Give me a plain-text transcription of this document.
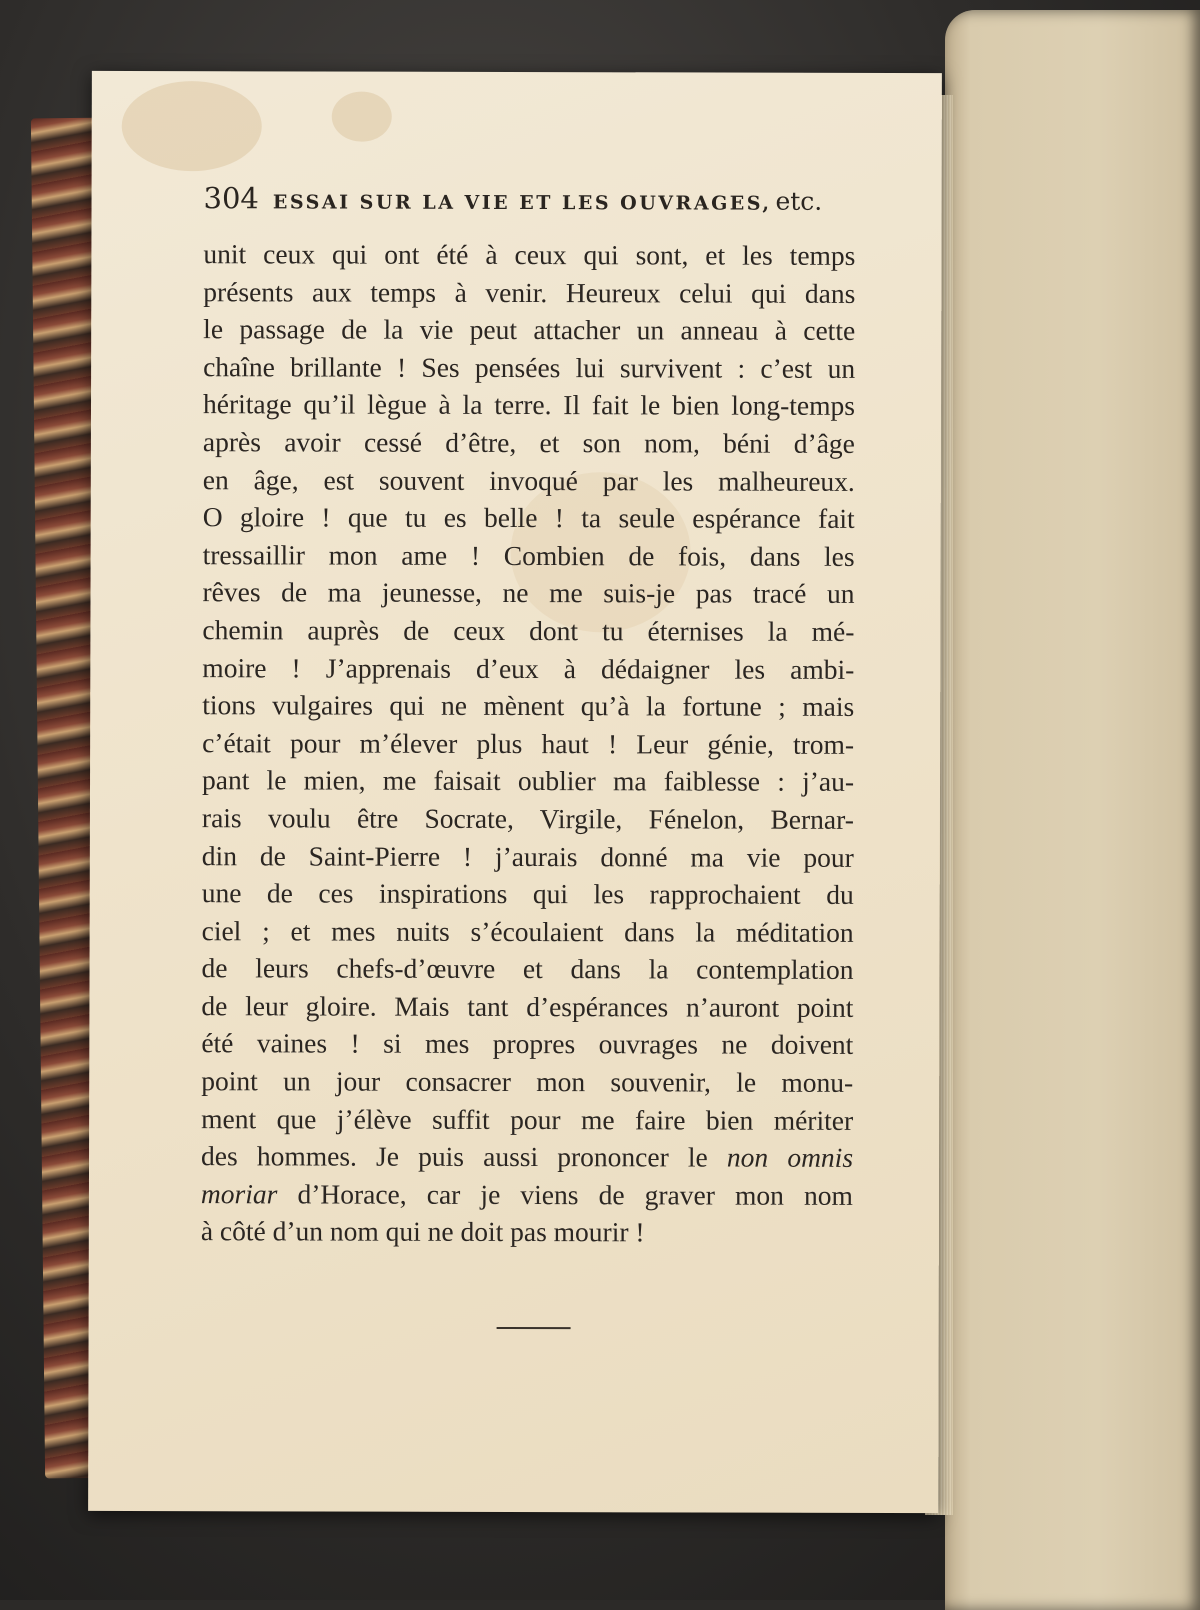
304 ESSAI SUR LA VIE ET LES OUVRAGES, etc.
unit ceux qui ont été à ceux qui sont, et les temps
présents aux temps à venir. Heureux celui qui dans
le passage de la vie peut attacher un anneau à cette
chaîne brillante ! Ses pensées lui survivent : c’est un
héritage qu’il lègue à la terre. Il fait le bien long-temps
après avoir cessé d’être, et son nom, béni d’âge
en âge, est souvent invoqué par les malheureux.
O gloire ! que tu es belle ! ta seule espérance fait
tressaillir mon ame ! Combien de fois, dans les
rêves de ma jeunesse, ne me suis-je pas tracé un
chemin auprès de ceux dont tu éternises la mé-
moire ! J’apprenais d’eux à dédaigner les ambi-
tions vulgaires qui ne mènent qu’à la fortune ; mais
c’était pour m’élever plus haut ! Leur génie, trom-
pant le mien, me faisait oublier ma faiblesse : j’au-
rais voulu être Socrate, Virgile, Fénelon, Bernar-
din de Saint-Pierre ! j’aurais donné ma vie pour
une de ces inspirations qui les rapprochaient du
ciel ; et mes nuits s’écoulaient dans la méditation
de leurs chefs-d’œuvre et dans la contemplation
de leur gloire. Mais tant d’espérances n’auront point
été vaines ! si mes propres ouvrages ne doivent
point un jour consacrer mon souvenir, le monu-
ment que j’élève suffit pour me faire bien mériter
des hommes. Je puis aussi prononcer le non omnis
moriar d’Horace, car je viens de graver mon nom
à côté d’un nom qui ne doit pas mourir !
